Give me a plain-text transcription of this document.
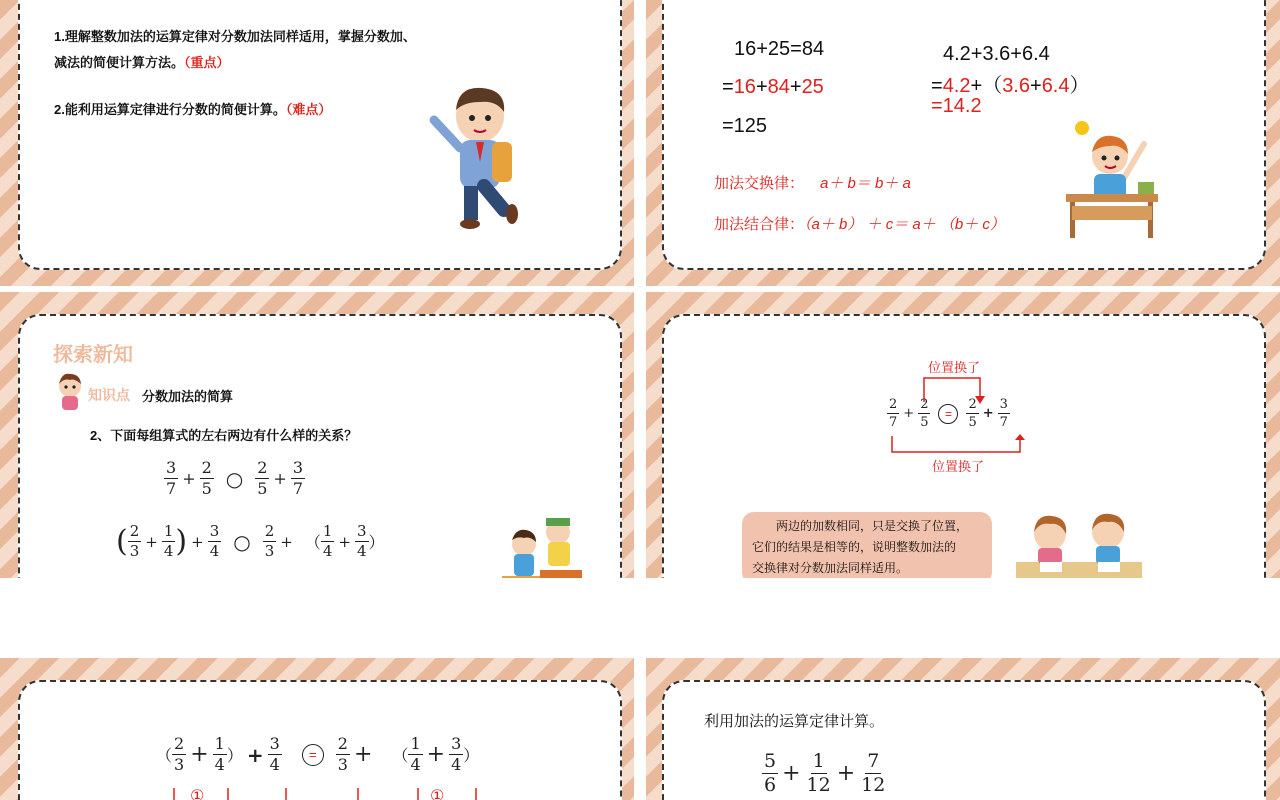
1.理解整数加法的运算定律对分数加法同样适用，掌握分数加、
减法的简便计算方法。（重点）
2.能利用运算定律进行分数的简便计算。（难点）
16+25=84
=16+84+25
=125
4.2+3.6+6.4
=4.2+（3.6+6.4）
=14.2
加法交换律： a＋ b＝ b＋ a
加法结合律：（a＋ b） ＋ c＝ a＋ （b＋ c）
探索新知
知识点 分数加法的简算
2、下面每组算式的左右两边有什么样的关系？
$\frac{3}{7} + \frac{2}{5}$ ○ $\frac{2}{5} + \frac{3}{7}$
( $\frac{2}{3} + \frac{1}{4}$ ) + $\frac{3}{4}$ ○ $\frac{2}{3}$ + （ $\frac{1}{4} + \frac{3}{4}$ ）
位置换了
$\frac{2}{7} + \frac{2}{5}$	=	$\frac{2}{5} + \frac{3}{7}$
位置换了
两边的加数相同，只是交换了位置，
它们的结果是相等的，说明整数加法的
交换律对分数加法同样适用。
（ $\frac{2}{3} + \frac{1}{4}$ ） + $\frac{3}{4}$	=	$\frac{2}{3}$ + （ $\frac{1}{4} + \frac{3}{4}$ ）
①	①
利用加法的运算定律计算。
$\frac{5}{6} + \frac{1}{12} + \frac{7}{12}$
